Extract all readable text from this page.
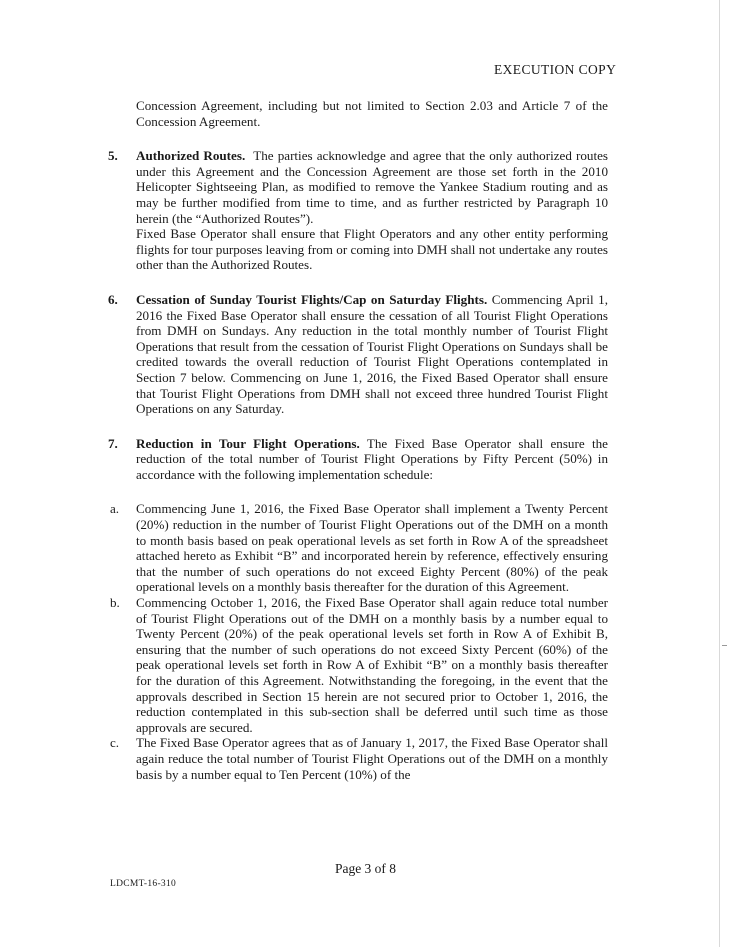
EXECUTION COPY

Concession Agreement, including but not limited to Section 2.03 and Article 7 of the Concession Agreement.

5. Authorized Routes. The parties acknowledge and agree that the only authorized routes under this Agreement and the Concession Agreement are those set forth in the 2010 Helicopter Sightseeing Plan, as modified to remove the Yankee Stadium routing and as may be further modified from time to time, and as further restricted by Paragraph 10 herein (the “Authorized Routes”).

Fixed Base Operator shall ensure that Flight Operators and any other entity performing flights for tour purposes leaving from or coming into DMH shall not undertake any routes other than the Authorized Routes.

6. Cessation of Sunday Tourist Flights/Cap on Saturday Flights. Commencing April 1, 2016 the Fixed Base Operator shall ensure the cessation of all Tourist Flight Operations from DMH on Sundays. Any reduction in the total monthly number of Tourist Flight Operations that result from the cessation of Tourist Flight Operations on Sundays shall be credited towards the overall reduction of Tourist Flight Operations contemplated in Section 7 below. Commencing on June 1, 2016, the Fixed Based Operator shall ensure that Tourist Flight Operations from DMH shall not exceed three hundred Tourist Flight Operations on any Saturday.

7. Reduction in Tour Flight Operations. The Fixed Base Operator shall ensure the reduction of the total number of Tourist Flight Operations by Fifty Percent (50%) in accordance with the following implementation schedule:

a. Commencing June 1, 2016, the Fixed Base Operator shall implement a Twenty Percent (20%) reduction in the number of Tourist Flight Operations out of the DMH on a month to month basis based on peak operational levels as set forth in Row A of the spreadsheet attached hereto as Exhibit “B” and incorporated herein by reference, effectively ensuring that the number of such operations do not exceed Eighty Percent (80%) of the peak operational levels on a monthly basis thereafter for the duration of this Agreement.

b. Commencing October 1, 2016, the Fixed Base Operator shall again reduce total number of Tourist Flight Operations out of the DMH on a monthly basis by a number equal to Twenty Percent (20%) of the peak operational levels set forth in Row A of Exhibit B, ensuring that the number of such operations do not exceed Sixty Percent (60%) of the peak operational levels set forth in Row A of Exhibit “B” on a monthly basis thereafter for the duration of this Agreement. Notwithstanding the foregoing, in the event that the approvals described in Section 15 herein are not secured prior to October 1, 2016, the reduction contemplated in this sub-section shall be deferred until such time as those approvals are secured.

c. The Fixed Base Operator agrees that as of January 1, 2017, the Fixed Base Operator shall again reduce the total number of Tourist Flight Operations out of the DMH on a monthly basis by a number equal to Ten Percent (10%) of the

Page 3 of 8
LDCMT-16-310
